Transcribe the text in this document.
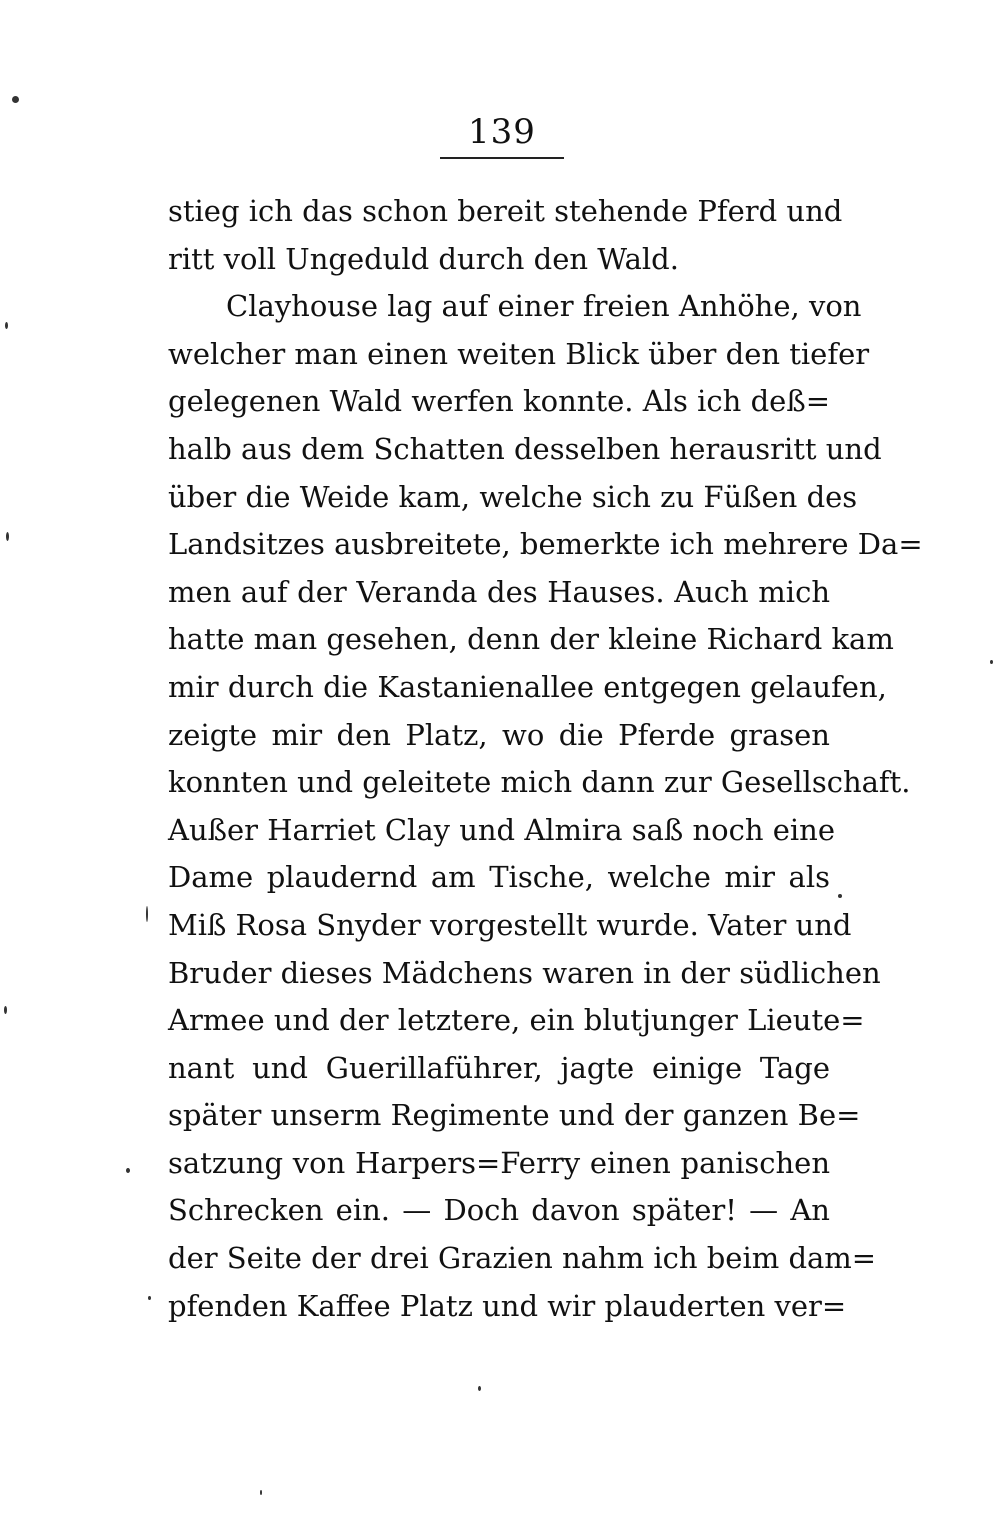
139
stieg ich das schon bereit stehende Pferd und
ritt voll Ungeduld durch den Wald.
Clayhouse lag auf einer freien Anhöhe, von
welcher man einen weiten Blick über den tiefer
gelegenen Wald werfen konnte. Als ich deß=
halb aus dem Schatten desselben herausritt und
über die Weide kam, welche sich zu Füßen des
Landsitzes ausbreitete, bemerkte ich mehrere Da=
men auf der Veranda des Hauses. Auch mich
hatte man gesehen, denn der kleine Richard kam
mir durch die Kastanienallee entgegen gelaufen,
zeigte mir den Platz, wo die Pferde grasen
konnten und geleitete mich dann zur Gesellschaft.
Außer Harriet Clay und Almira saß noch eine
Dame plaudernd am Tische, welche mir als
Miß Rosa Snyder vorgestellt wurde. Vater und
Bruder dieses Mädchens waren in der südlichen
Armee und der letztere, ein blutjunger Lieute=
nant und Guerillaführer, jagte einige Tage
später unserm Regimente und der ganzen Be=
satzung von Harpers=Ferry einen panischen
Schrecken ein. — Doch davon später! — An
der Seite der drei Grazien nahm ich beim dam=
pfenden Kaffee Platz und wir plauderten ver=
